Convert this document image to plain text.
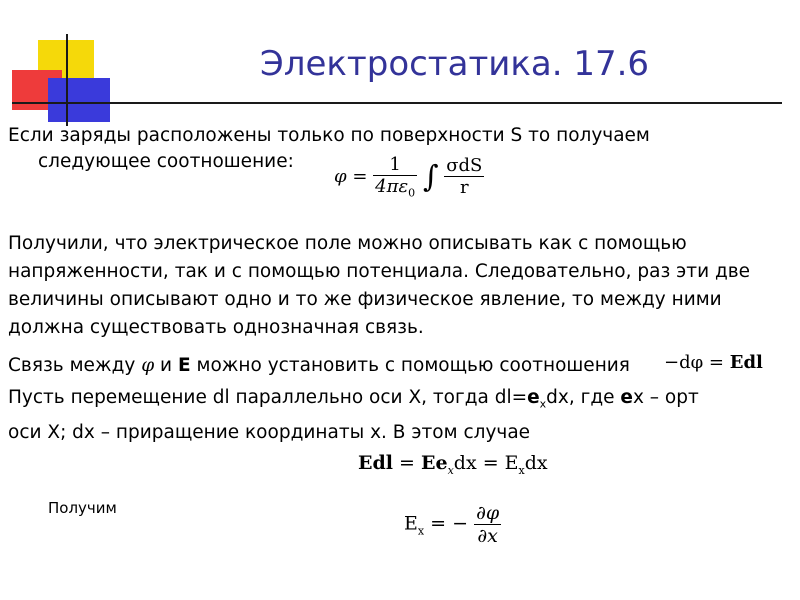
Электростатика. 17.6
Если заряды расположены только по поверхности S то получаем
следующее соотношение:
$\varphi = \frac{1}{4\pi\varepsilon_0}$ ∫ $\frac{\text{σdS}}{r}$
Получили, что электрическое поле можно описывать как с помощью
напряженности, так и с помощью потенциала. Следовательно, раз эти две
величины описывают одно и то же физическое явление, то между ними
должна существовать однозначная связь.
Связь между φ и E можно установить с помощью соотношения −dφ = Edl
Пусть перемещение dl параллельно оси X, тогда $dl=e_xdx$, где ex – орт
оси X; dx – приращение координаты x. В этом случае
Edl = $Ee_xdx = E_xdx$
Получим
$E_x$ = − $\frac{\partial\varphi}{\partial x}$
